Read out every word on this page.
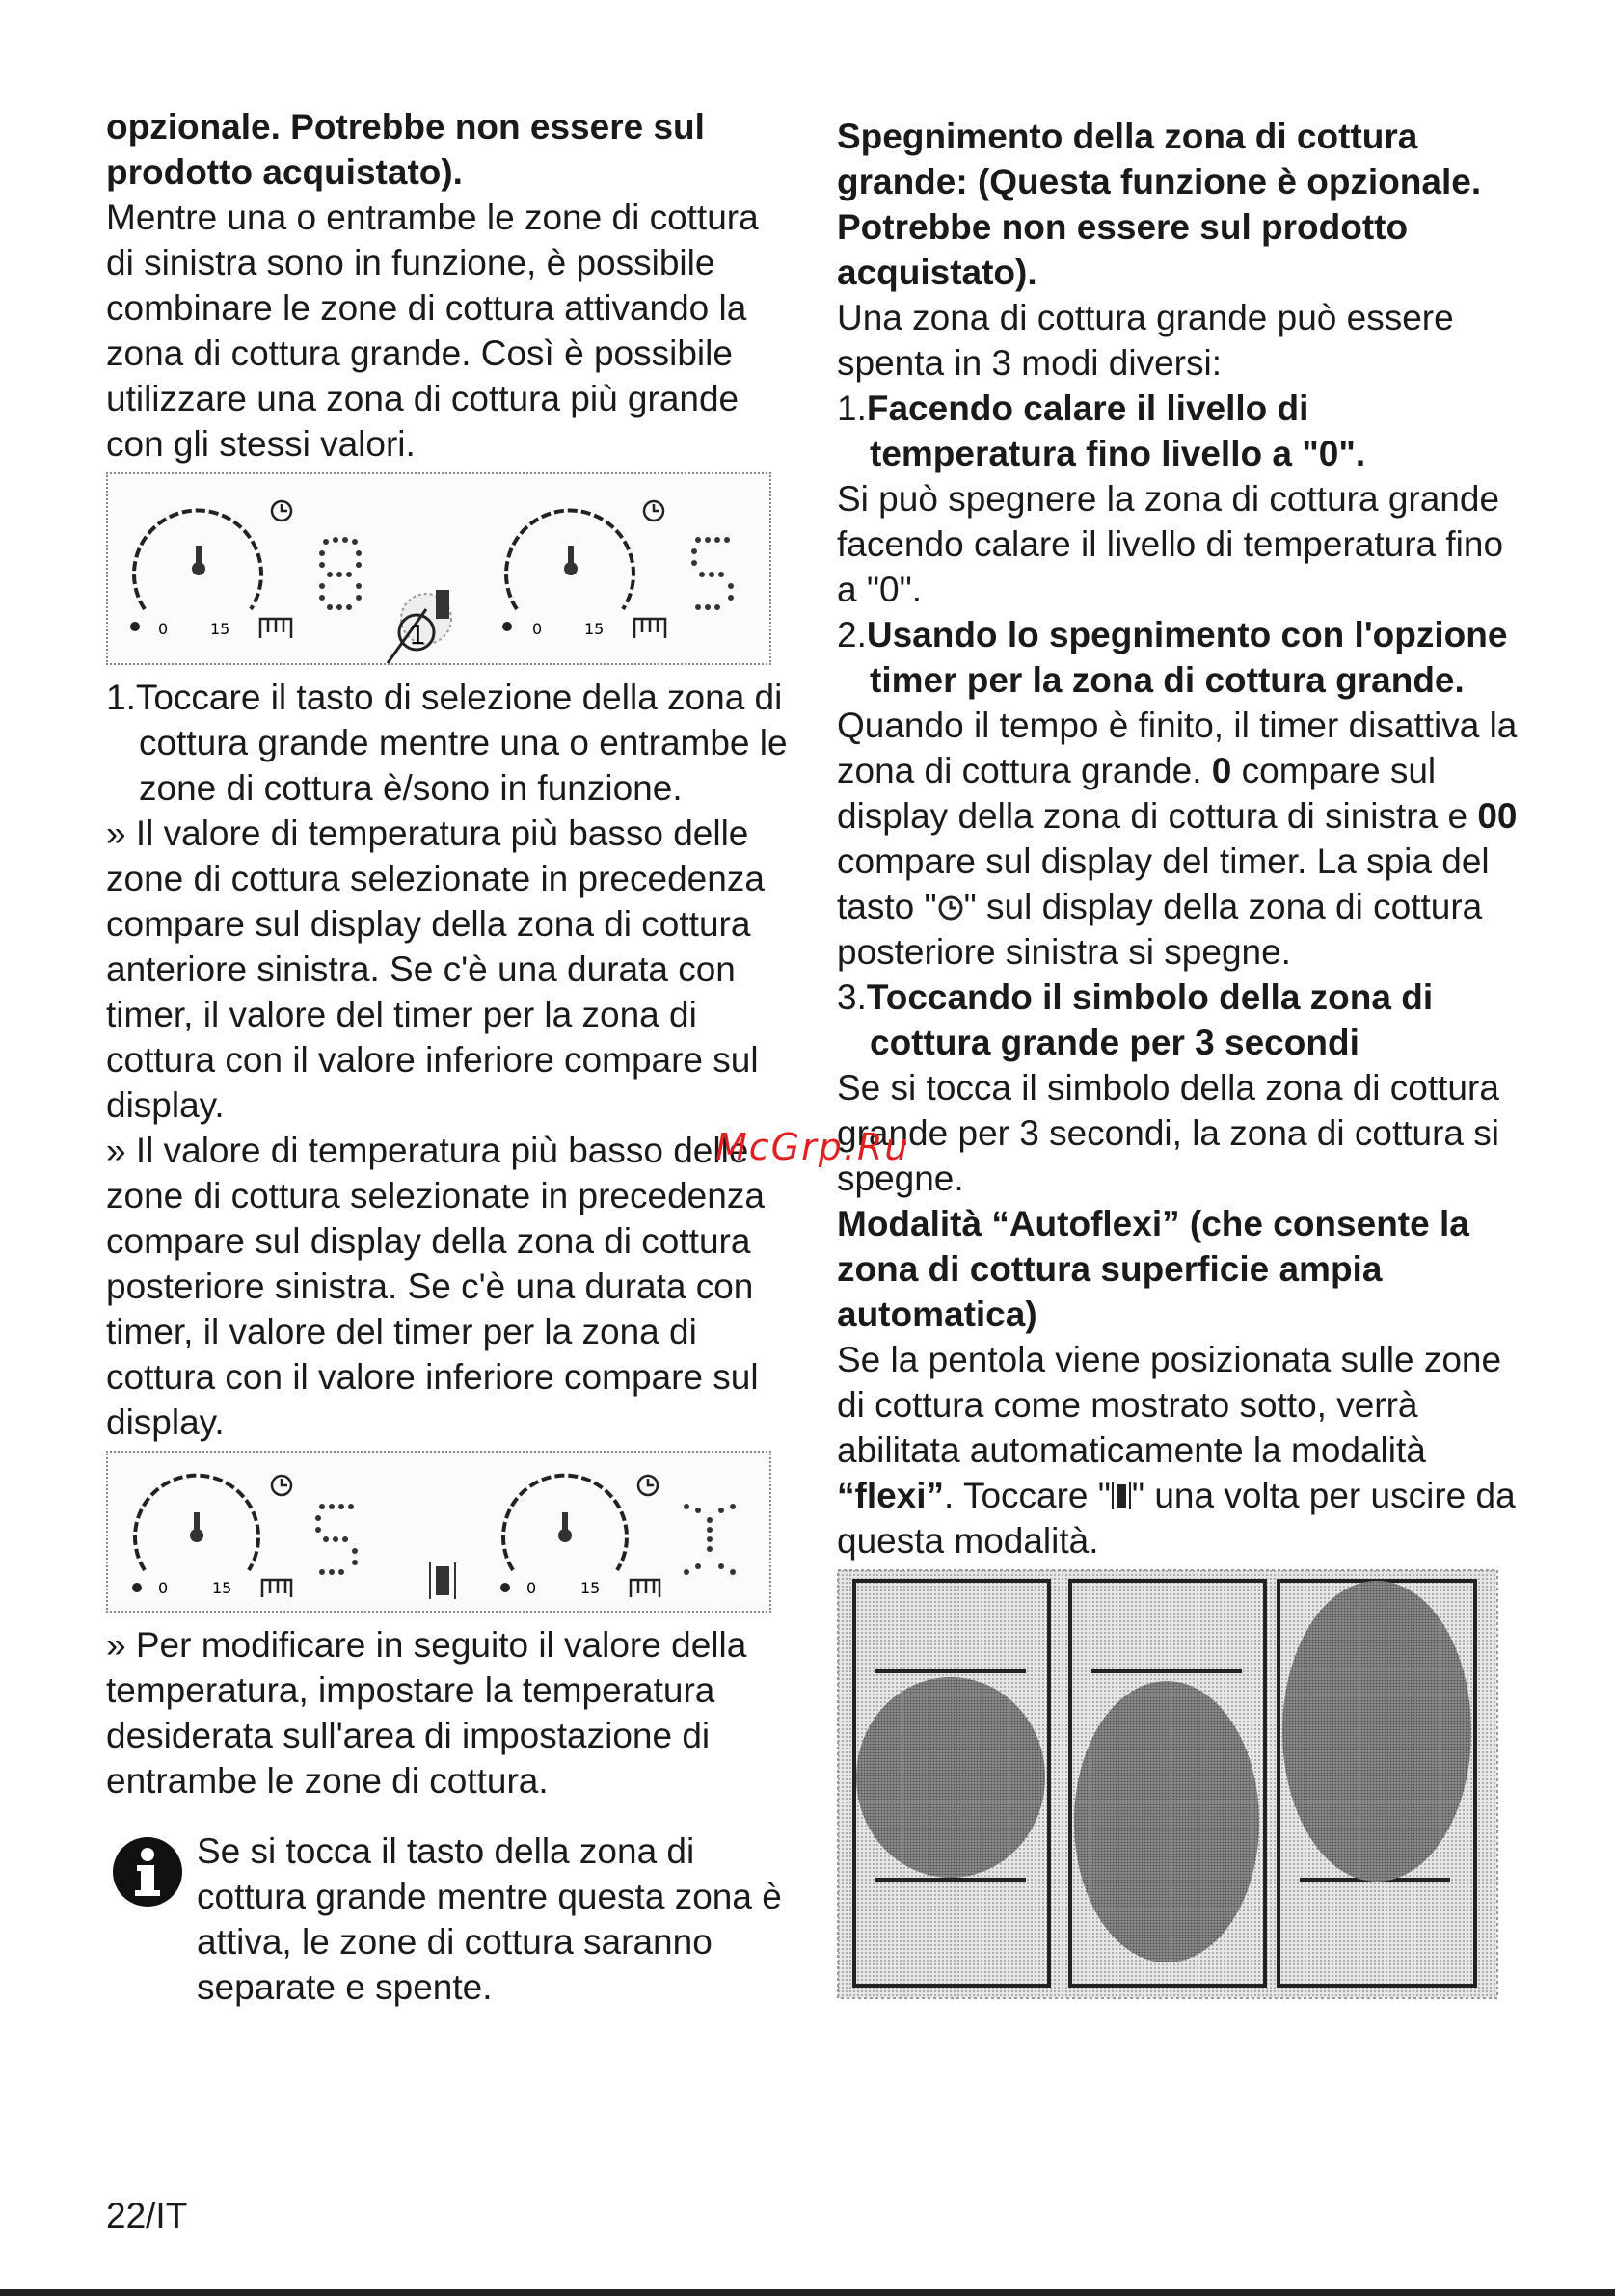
opzionale. Potrebbe non essere sul prodotto acquistato).

Mentre una o entrambe le zone di cottura di sinistra sono in funzione, è possibile combinare le zone di cottura attivando la zona di cottura grande. Così è possibile utilizzare una zona di cottura più grande con gli stessi valori.

0	15	1	0	15

1.Toccare il tasto di selezione della zona di cottura grande mentre una o entrambe le zone di cottura è/sono in funzione.

» Il valore di temperatura più basso delle zone di cottura selezionate in precedenza compare sul display della zona di cottura anteriore sinistra. Se c'è una durata con timer, il valore del timer per la zona di cottura con il valore inferiore compare sul display.

» Il valore di temperatura più basso delle zone di cottura selezionate in precedenza compare sul display della zona di cottura posteriore sinistra. Se c'è una durata con timer, il valore del timer per la zona di cottura con il valore inferiore compare sul display.

0	15	0	15

» Per modificare in seguito il valore della temperatura, impostare la temperatura desiderata sull'area di impostazione di entrambe le zone di cottura.

Se si tocca il tasto della zona di cottura grande mentre questa zona è attiva, le zone di cottura saranno separate e spente.

Spegnimento della zona di cottura grande: (Questa funzione è opzionale. Potrebbe non essere sul prodotto acquistato).

Una zona di cottura grande può essere spenta in 3 modi diversi:

1.Facendo calare il livello di temperatura fino livello a "0".

Si può spegnere la zona di cottura grande facendo calare il livello di temperatura fino a "0".

2.Usando lo spegnimento con l'opzione timer per la zona di cottura grande.

Quando il tempo è finito, il timer disattiva la zona di cottura grande. 0 compare sul display della zona di cottura di sinistra e 00 compare sul display del timer. La spia del tasto " " sul display della zona di cottura posteriore sinistra si spegne.

3.Toccando il simbolo della zona di cottura grande per 3 secondi

Se si tocca il simbolo della zona di cottura grande per 3 secondi, la zona di cottura si spegne.

Modalità “Autoflexi” (che consente la zona di cottura superficie ampia automatica)

Se la pentola viene posizionata sulle zone di cottura come mostrato sotto, verrà abilitata automaticamente la modalità “flexi”. Toccare " " una volta per uscire da questa modalità.

McGrp.Ru
22/IT
